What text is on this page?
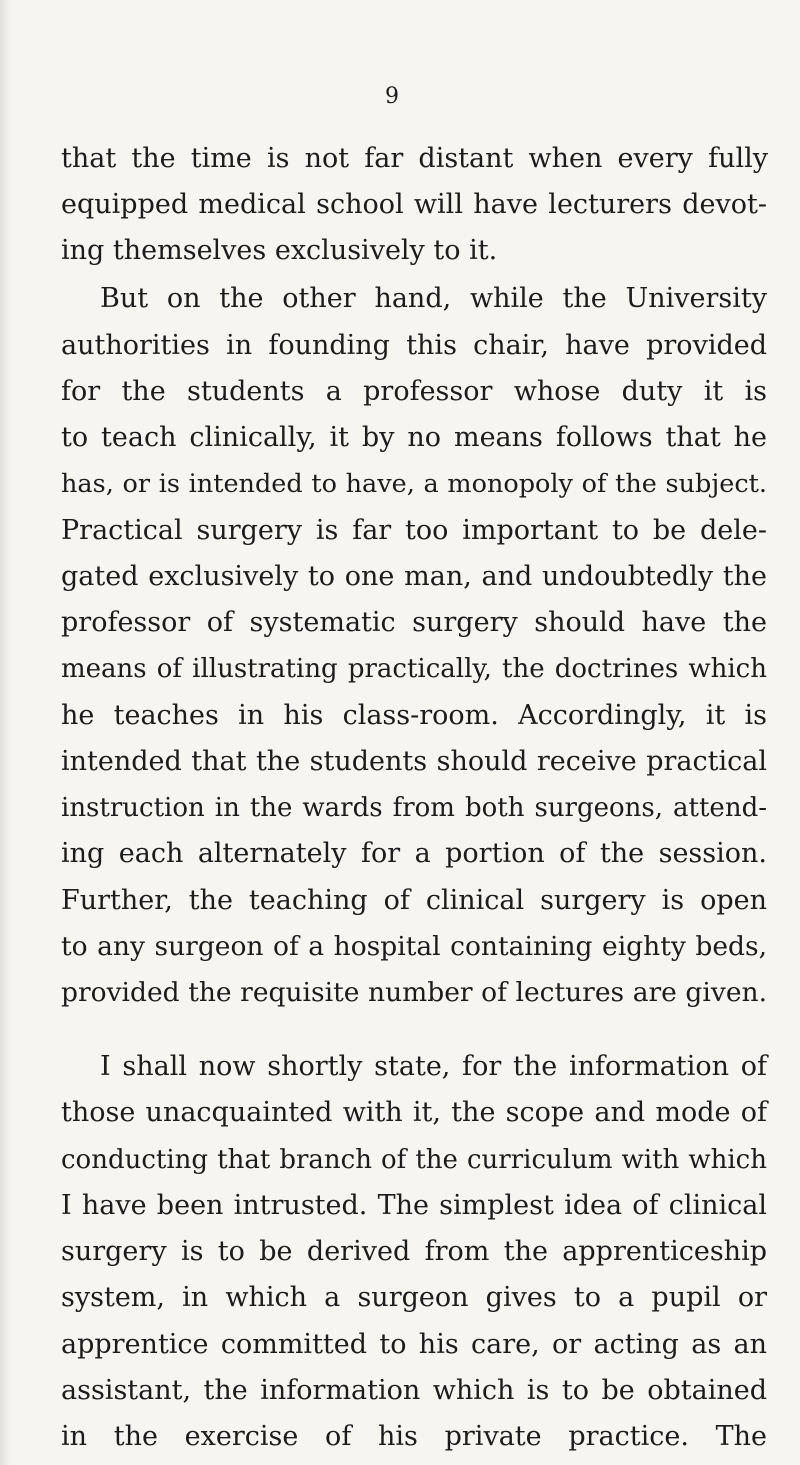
9
that the time is not far distant when every fully
equipped medical school will have lecturers devot-
ing themselves exclusively to it.
But on the other hand, while the University
authorities in founding this chair, have provided
for the students a professor whose duty it is
to teach clinically, it by no means follows that he
has, or is intended to have, a monopoly of the subject.
Practical surgery is far too important to be dele-
gated exclusively to one man, and undoubtedly the
professor of systematic surgery should have the
means of illustrating practically, the doctrines which
he teaches in his class-room. Accordingly, it is
intended that the students should receive practical
instruction in the wards from both surgeons, attend-
ing each alternately for a portion of the session.
Further, the teaching of clinical surgery is open
to any surgeon of a hospital containing eighty beds,
provided the requisite number of lectures are given.
I shall now shortly state, for the information of
those unacquainted with it, the scope and mode of
conducting that branch of the curriculum with which
I have been intrusted. The simplest idea of clinical
surgery is to be derived from the apprenticeship
system, in which a surgeon gives to a pupil or
apprentice committed to his care, or acting as an
assistant, the information which is to be obtained
in the exercise of his private practice. The
